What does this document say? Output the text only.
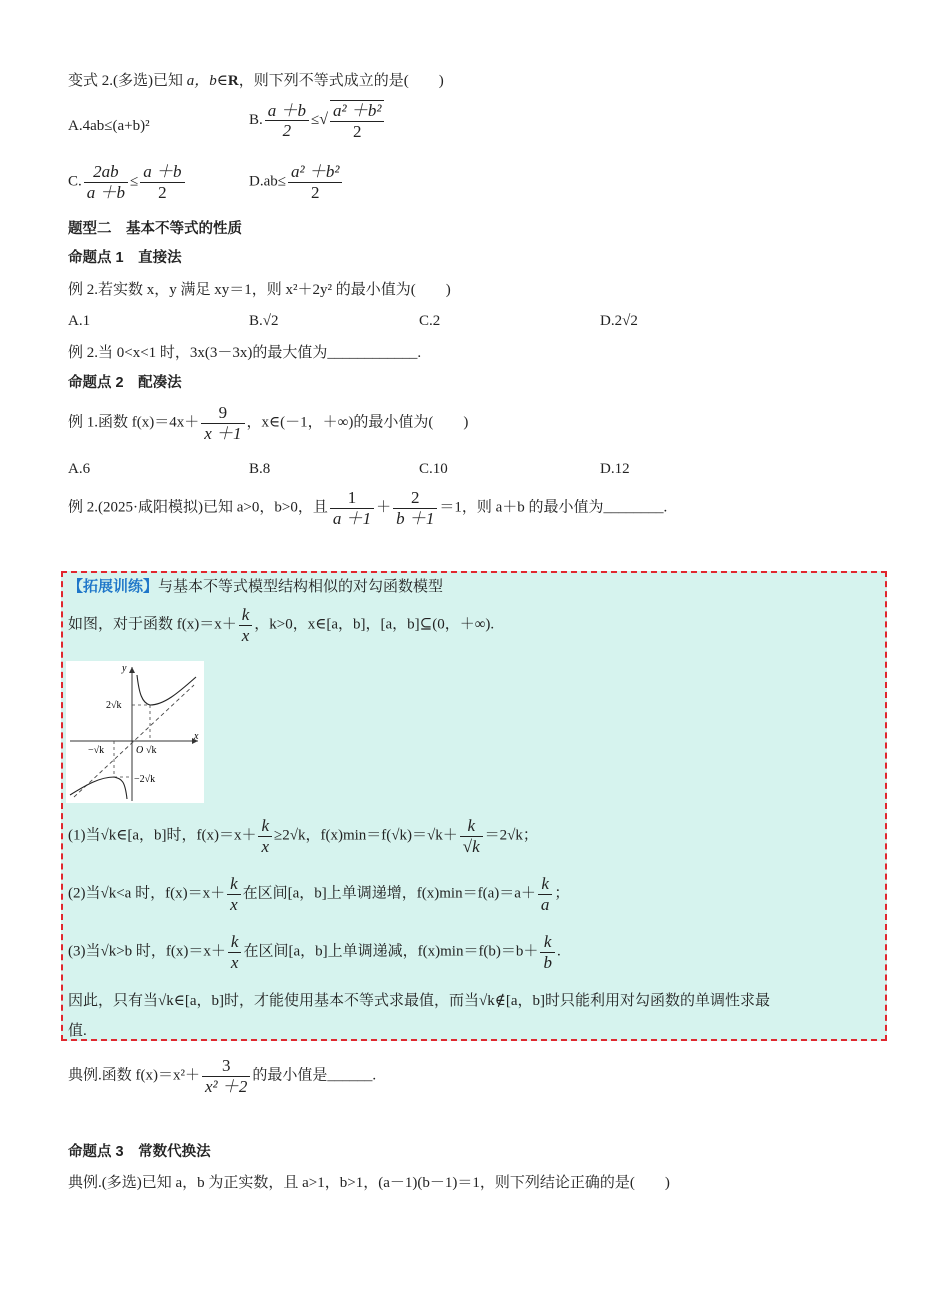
变式 2.(多选)已知 a，b∈R，则下列不等式成立的是(　　)
A.4ab≤(a+b)²	B. $\frac{a +b}{2}$ ≤√ $\frac{\text{a² ＋b²}}{2}$
C. $\frac{2ab}{a +b} \le \frac{a +b}{2}$	$D.ab\le \frac{\text{a² ＋b²}}{2}$
题型二　基本不等式的性质
命题点 1　直接法
例 2.若实数 x，y 满足 xy＝1，则 x²＋2y² 的最小值为(　　)
A.1	B.√2	C.2	D.2√2
例 2.当 0<x<1 时，3x(3－3x)的最大值为____________.
命题点 2　配凑法
例 1.函数 $f(x)=4x+ \frac{9}{x +1}$ ，x∈(－1，＋∞)的最小值为(　　)
A.6	B.8	C.10	D.12
例 2.(2025·咸阳模拟)已知 a>0，b>0，且 $\frac{1}{a +1} + \frac{2}{b +1} =1$，则 a＋b 的最小值为________.
【拓展训练】与基本不等式模型结构相似的对勾函数模型
如图，对于函数 $f(x)=x+ \frac{k}{x}$ ，k>0，x∈[a，b]，[a，b]⊆(0，＋∞).
y
x
O
2√k
−2√k
√k
−√k
(1)当√k∈[a，b]时，$f(x)=x+ \frac{k}{x} \ge 2√k$，$f(x)\min=f(√k)=√k+ \frac{k}{√k} =2√k$；
(2)当√k<a 时，$f(x)=x+ \frac{k}{x}$ 在区间[a，b]上单调递增，$f(x)\min=f(a)=a+ \frac{k}{a}$ ；
(3)当√k>b 时，$f(x)=x+ \frac{k}{x}$ 在区间[a，b]上单调递减，$f(x)\min=f(b)=b+ \frac{k}{b}$ .
因此，只有当√k∈[a，b]时，才能使用基本不等式求最值，而当√k∉[a，b]时只能利用对勾函数的单调性求最
值.
典例.函数 $f(x)=x^2+ \frac{3}{\text{x² ＋2}}$ 的最小值是______.
命题点 3　常数代换法
典例.(多选)已知 a，b 为正实数，且 a>1，b>1，(a－1)(b－1)＝1，则下列结论正确的是(　　)
